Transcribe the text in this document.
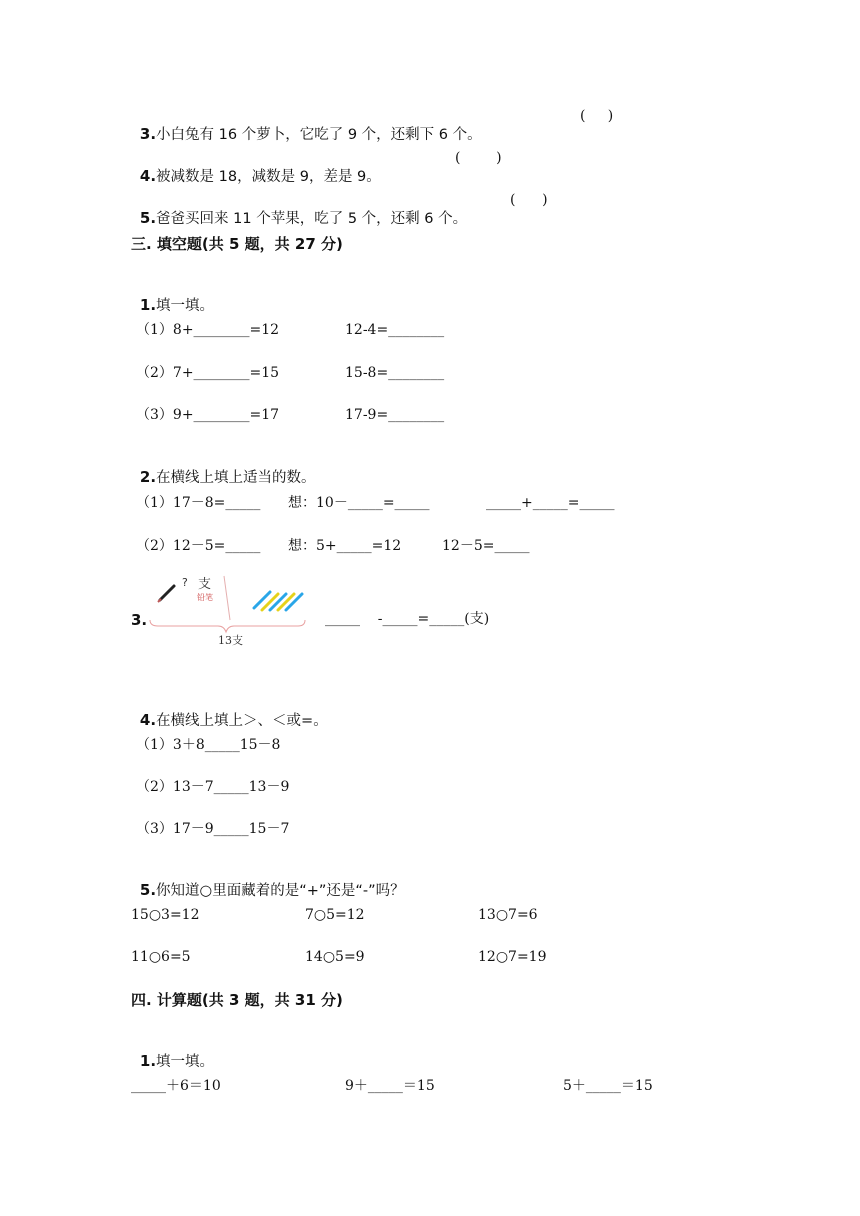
3.小白兔有 16 个萝卜，它吃了 9 个，还剩下 6 个。

(     )

4.被减数是 18，减数是 9，差是 9。

(        )

5.爸爸买回来 11 个苹果，吃了 5 个，还剩 6 个。

(      )
三. 填空题(共 5 题，共 27 分)

1.填一填。

（1）8+________=12	12-4=________
（2）7+________=15	15-8=________
（3）9+________=17	17-9=________

2.在横线上填上适当的数。

（1）17－8=_____ 想：10－_____=_____	_____+_____=_____
（2）12－5=_____ 想：5+_____=12	12－5=_____
3.
? 支
铅笔
13支
_____    -_____=_____(支)

4.在横线上填上＞、＜或=。

（1）3＋8_____15－8
（2）13－7_____13－9
（3）17－9_____15－7

5.你知道○里面藏着的是“+”还是“-”吗？

15○3=12	7○5=12	13○7=6
11○6=5	14○5=9	12○7=19
四. 计算题(共 3 题，共 31 分)

1.填一填。

_____＋6＝10	9＋_____＝15	5＋_____＝15
